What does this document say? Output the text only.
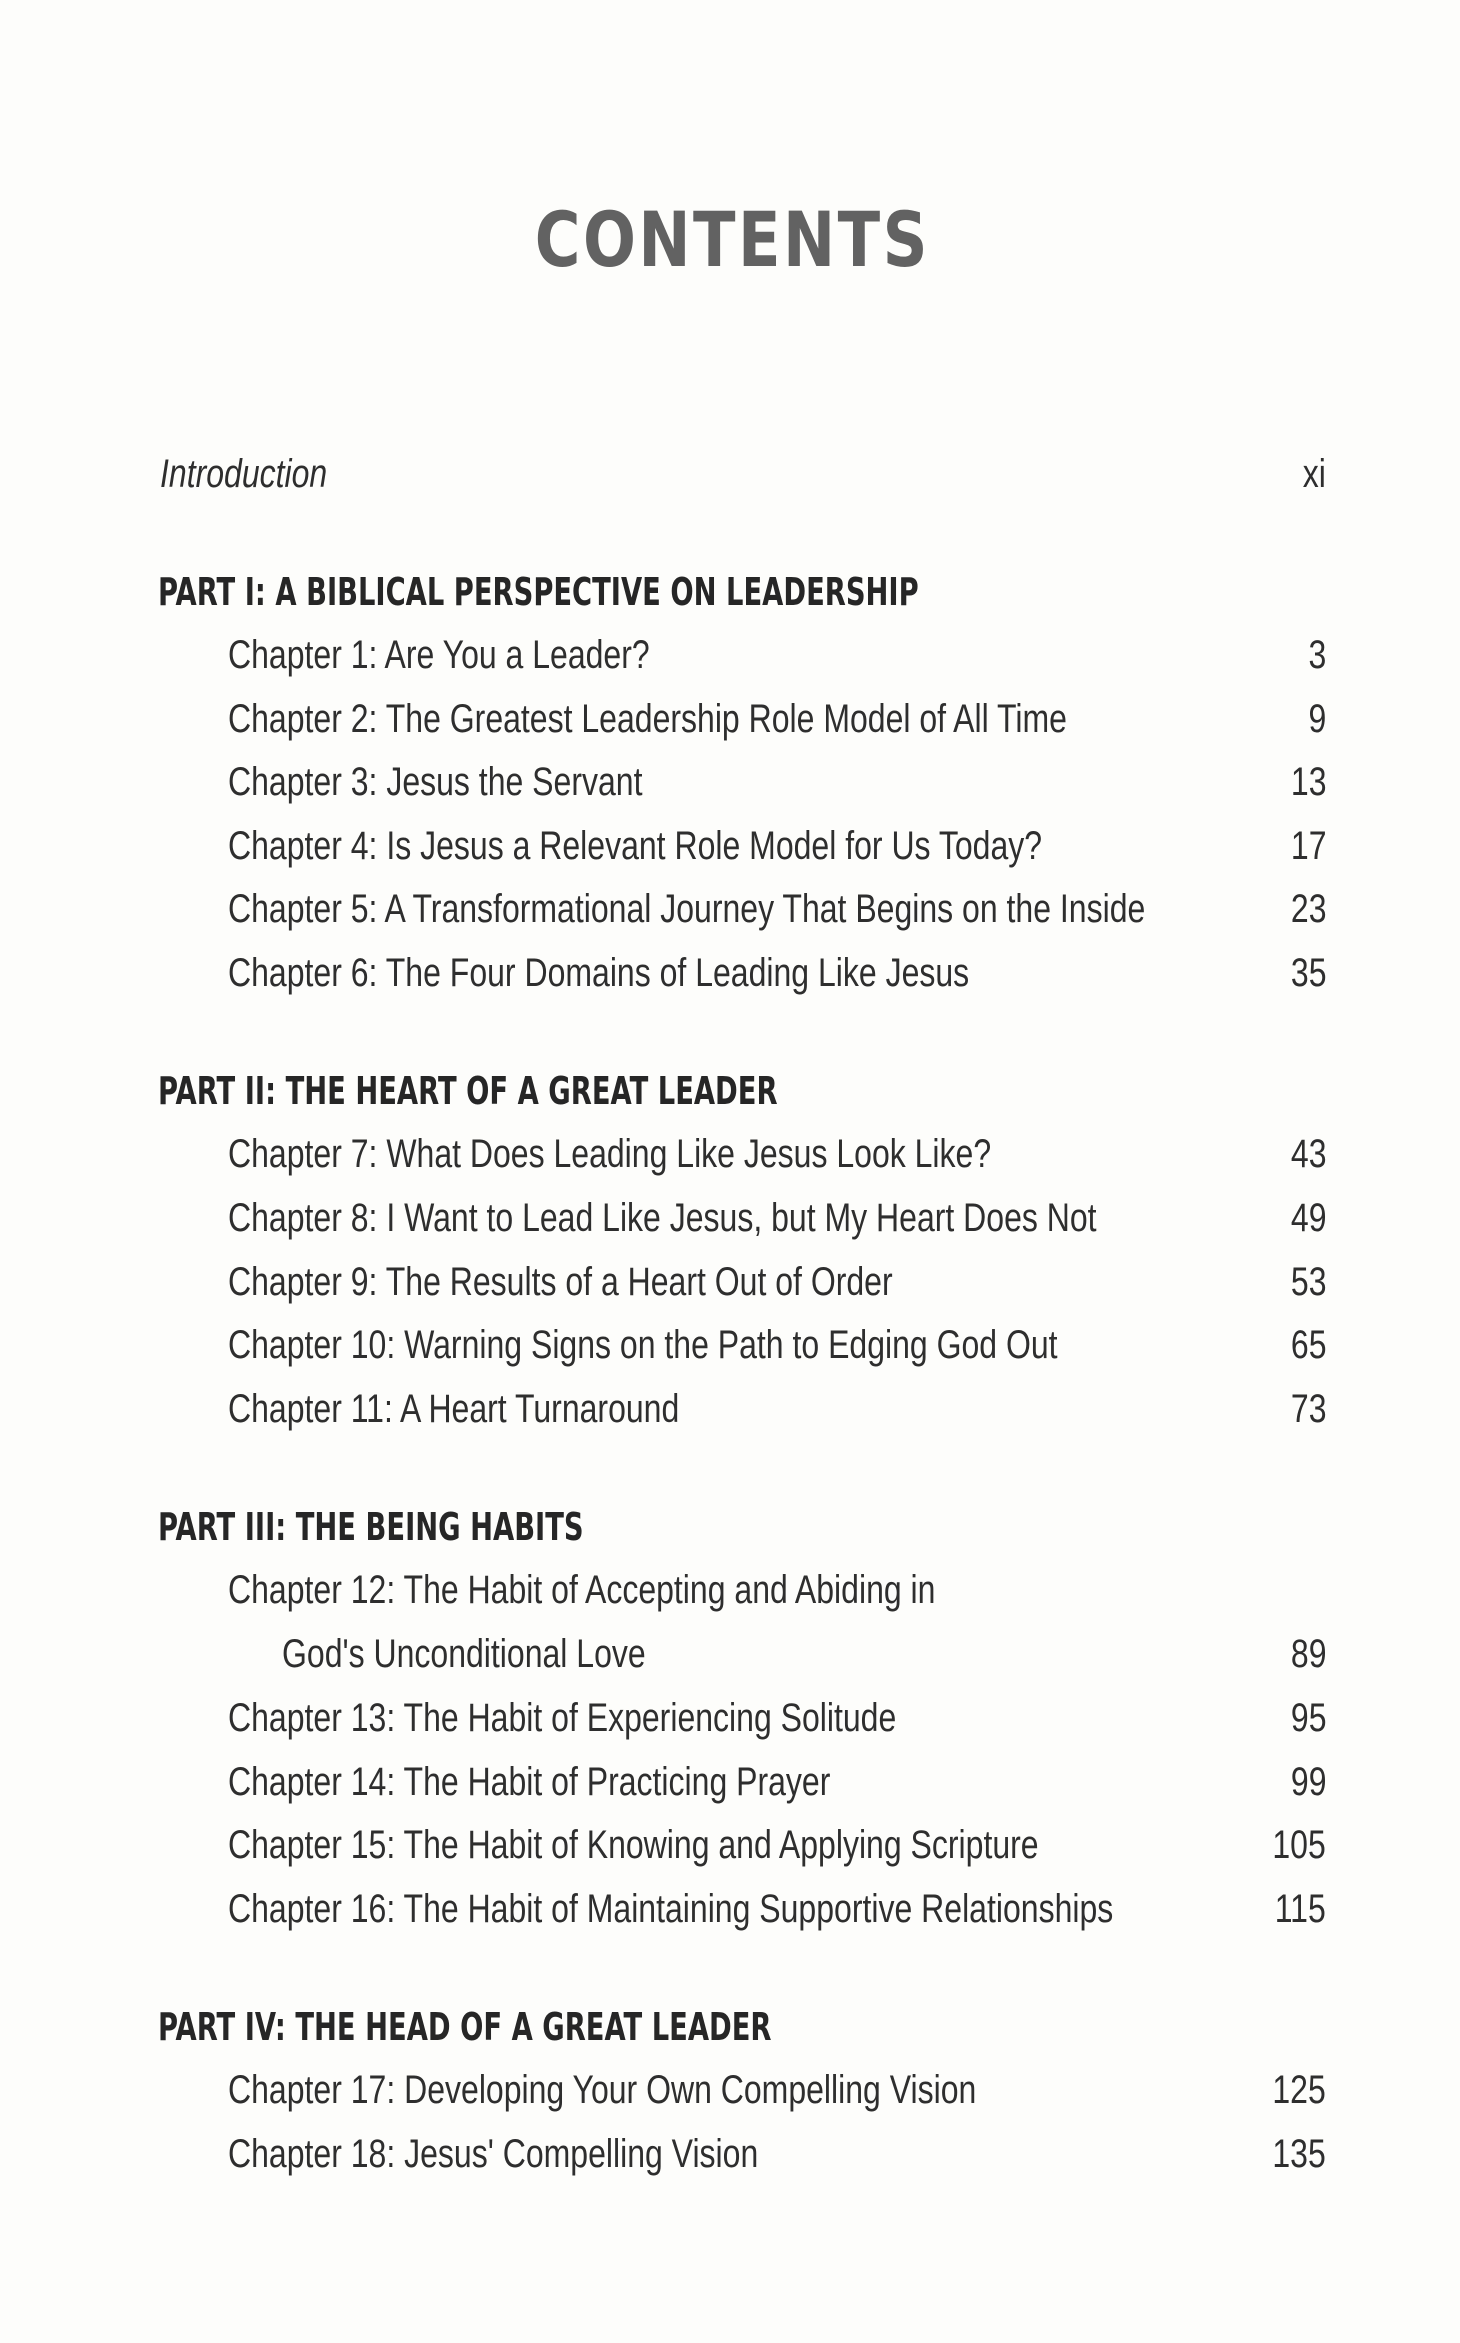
CONTENTS
Introduction	xi
PART I: A BIBLICAL PERSPECTIVE ON LEADERSHIP
Chapter 1: Are You a Leader?	3
Chapter 2: The Greatest Leadership Role Model of All Time	9
Chapter 3: Jesus the Servant	13
Chapter 4: Is Jesus a Relevant Role Model for Us Today?	17
Chapter 5: A Transformational Journey That Begins on the Inside	23
Chapter 6: The Four Domains of Leading Like Jesus	35
PART II: THE HEART OF A GREAT LEADER
Chapter 7: What Does Leading Like Jesus Look Like?	43
Chapter 8: I Want to Lead Like Jesus, but My Heart Does Not	49
Chapter 9: The Results of a Heart Out of Order	53
Chapter 10: Warning Signs on the Path to Edging God Out	65
Chapter 11: A Heart Turnaround	73
PART III: THE BEING HABITS
Chapter 12: The Habit of Accepting and Abiding in
God's Unconditional Love	89
Chapter 13: The Habit of Experiencing Solitude	95
Chapter 14: The Habit of Practicing Prayer	99
Chapter 15: The Habit of Knowing and Applying Scripture	105
Chapter 16: The Habit of Maintaining Supportive Relationships	115
PART IV: THE HEAD OF A GREAT LEADER
Chapter 17: Developing Your Own Compelling Vision	125
Chapter 18: Jesus' Compelling Vision	135
